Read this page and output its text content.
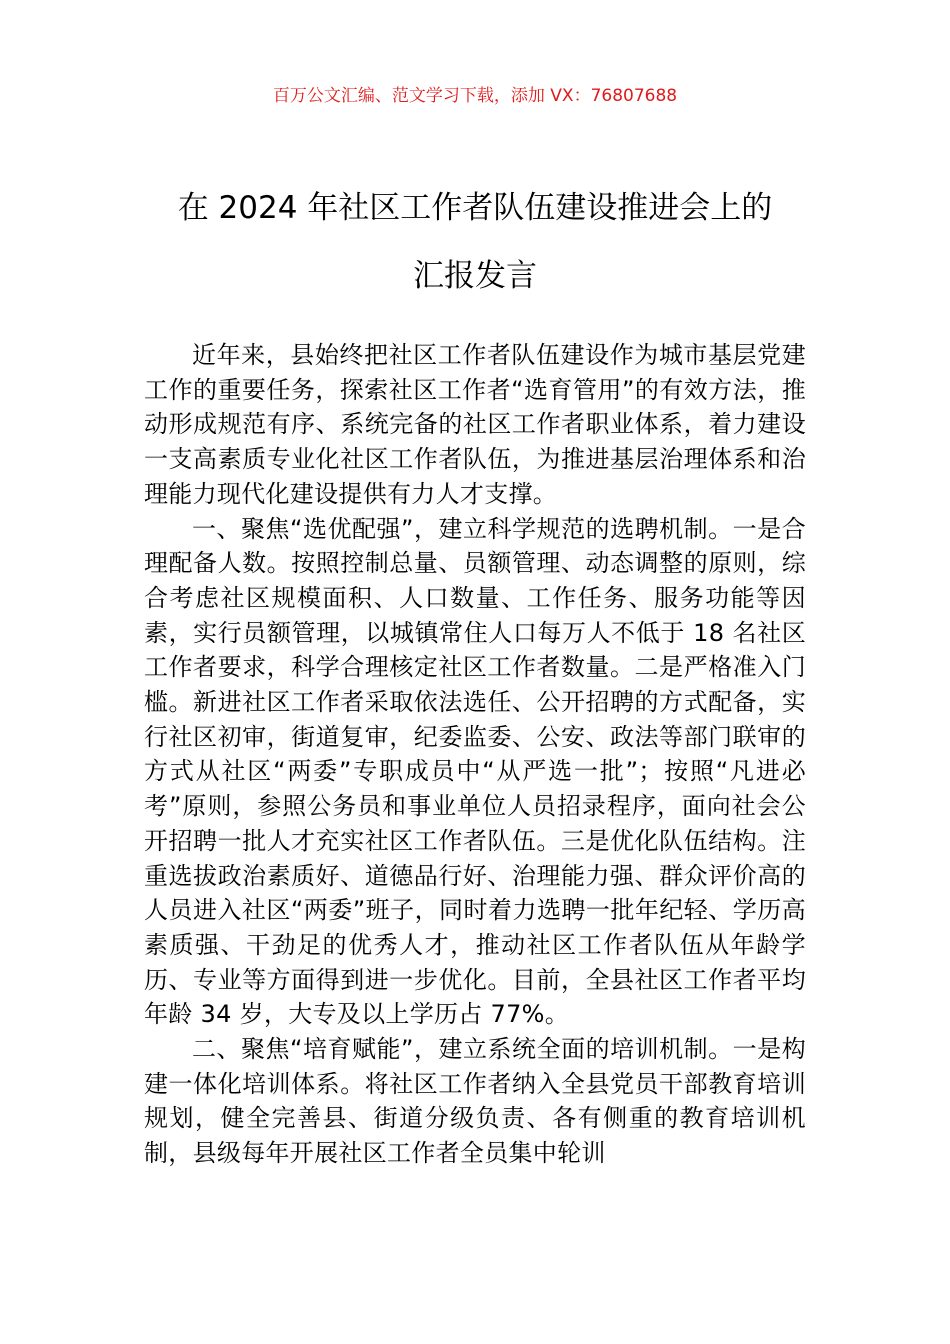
百万公文汇编、范文学习下载，添加 VX：76807688
在 2024 年社区工作者队伍建设推进会上的
汇报发言

近年来，县始终把社区工作者队伍建设作为城市基层党建工作的重要任务，探索社区工作者“选育管用”的有效方法，推动形成规范有序、系统完备的社区工作者职业体系，着力建设一支高素质专业化社区工作者队伍，为推进基层治理体系和治理能力现代化建设提供有力人才支撑。

一、聚焦“选优配强”，建立科学规范的选聘机制。一是合理配备人数。按照控制总量、员额管理、动态调整的原则，综合考虑社区规模面积、人口数量、工作任务、服务功能等因素，实行员额管理，以城镇常住人口每万人不低于 18 名社区工作者要求，科学合理核定社区工作者数量。二是严格准入门槛。新进社区工作者采取依法选任、公开招聘的方式配备，实行社区初审，街道复审，纪委监委、公安、政法等部门联审的方式从社区“两委”专职成员中“从严选一批”；按照“凡进必考”原则，参照公务员和事业单位人员招录程序，面向社会公开招聘一批人才充实社区工作者队伍。三是优化队伍结构。注重选拔政治素质好、道德品行好、治理能力强、群众评价高的人员进入社区“两委”班子，同时着力选聘一批年纪轻、学历高素质强、干劲足的优秀人才，推动社区工作者队伍从年龄学历、专业等方面得到进一步优化。目前，全县社区工作者平均年龄 34 岁，大专及以上学历占 77%。

二、聚焦“培育赋能”，建立系统全面的培训机制。一是构建一体化培训体系。将社区工作者纳入全县党员干部教育培训规划，健全完善县、街道分级负责、各有侧重的教育培训机制，县级每年开展社区工作者全员集中轮训
